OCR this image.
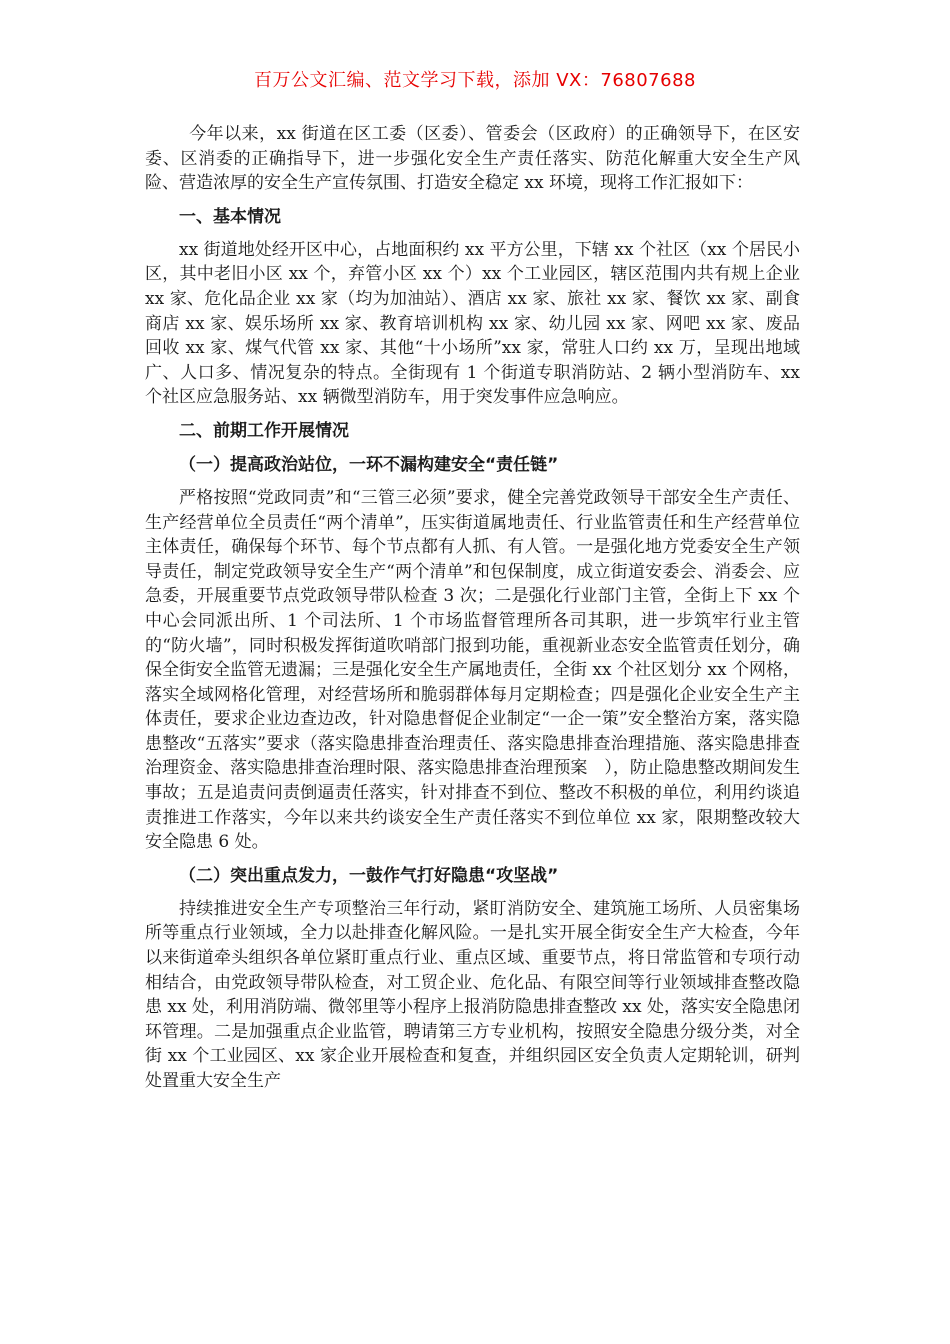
百万公文汇编、范文学习下载，添加 VX：76807688

今年以来，xx 街道在区工委（区委）、管委会（区政府）的正确领导下，在区安委、区消委的正确指导下，进一步强化安全生产责任落实、防范化解重大安全生产风险、营造浓厚的安全生产宣传氛围、打造安全稳定 xx 环境，现将工作汇报如下：

一、基本情况

xx 街道地处经开区中心，占地面积约 xx 平方公里，下辖 xx 个社区（xx 个居民小区，其中老旧小区 xx 个，弃管小区 xx 个）xx 个工业园区，辖区范围内共有规上企业 xx 家、危化品企业 xx 家（均为加油站）、酒店 xx 家、旅社 xx 家、餐饮 xx 家、副食商店 xx 家、娱乐场所 xx 家、教育培训机构 xx 家、幼儿园 xx 家、网吧 xx 家、废品回收 xx 家、煤气代管 xx 家、其他“十小场所”xx 家，常驻人口约 xx 万，呈现出地域广、人口多、情况复杂的特点。全街现有 1 个街道专职消防站、2 辆小型消防车、xx 个社区应急服务站、xx 辆微型消防车，用于突发事件应急响应。

二、前期工作开展情况
（一）提高政治站位，一环不漏构建安全“责任链”

严格按照“党政同责”和“三管三必须”要求，健全完善党政领导干部安全生产责任、生产经营单位全员责任“两个清单”，压实街道属地责任、行业监管责任和生产经营单位主体责任，确保每个环节、每个节点都有人抓、有人管。一是强化地方党委安全生产领导责任，制定党政领导安全生产“两个清单”和包保制度，成立街道安委会、消委会、应急委，开展重要节点党政领导带队检查 3 次；二是强化行业部门主管，全街上下 xx 个中心会同派出所、1 个司法所、1 个市场监督管理所各司其职，进一步筑牢行业主管的“防火墙”，同时积极发挥街道吹哨部门报到功能，重视新业态安全监管责任划分，确保全街安全监管无遗漏；三是强化安全生产属地责任，全街 xx 个社区划分 xx 个网格，落实全域网格化管理，对经营场所和脆弱群体每月定期检查；四是强化企业安全生产主体责任，要求企业边查边改，针对隐患督促企业制定“一企一策”安全整治方案，落实隐患整改“五落实”要求（落实隐患排查治理责任、落实隐患排查治理措施、落实隐患排查治理资金、落实隐患排查治理时限、落实隐患排查治理预案　），防止隐患整改期间发生事故；五是追责问责倒逼责任落实，针对排查不到位、整改不积极的单位，利用约谈追责推进工作落实，今年以来共约谈安全生产责任落实不到位单位 xx 家，限期整改较大安全隐患 6 处。

（二）突出重点发力，一鼓作气打好隐患“攻坚战”

持续推进安全生产专项整治三年行动，紧盯消防安全、建筑施工场所、人员密集场所等重点行业领域，全力以赴排查化解风险。一是扎实开展全街安全生产大检查，今年以来街道牵头组织各单位紧盯重点行业、重点区域、重要节点，将日常监管和专项行动相结合，由党政领导带队检查，对工贸企业、危化品、有限空间等行业领域排查整改隐患 xx 处，利用消防端、微邻里等小程序上报消防隐患排查整改 xx 处，落实安全隐患闭环管理。二是加强重点企业监管，聘请第三方专业机构，按照安全隐患分级分类，对全街 xx 个工业园区、xx 家企业开展检查和复查，并组织园区安全负责人定期轮训，研判处置重大安全生产
